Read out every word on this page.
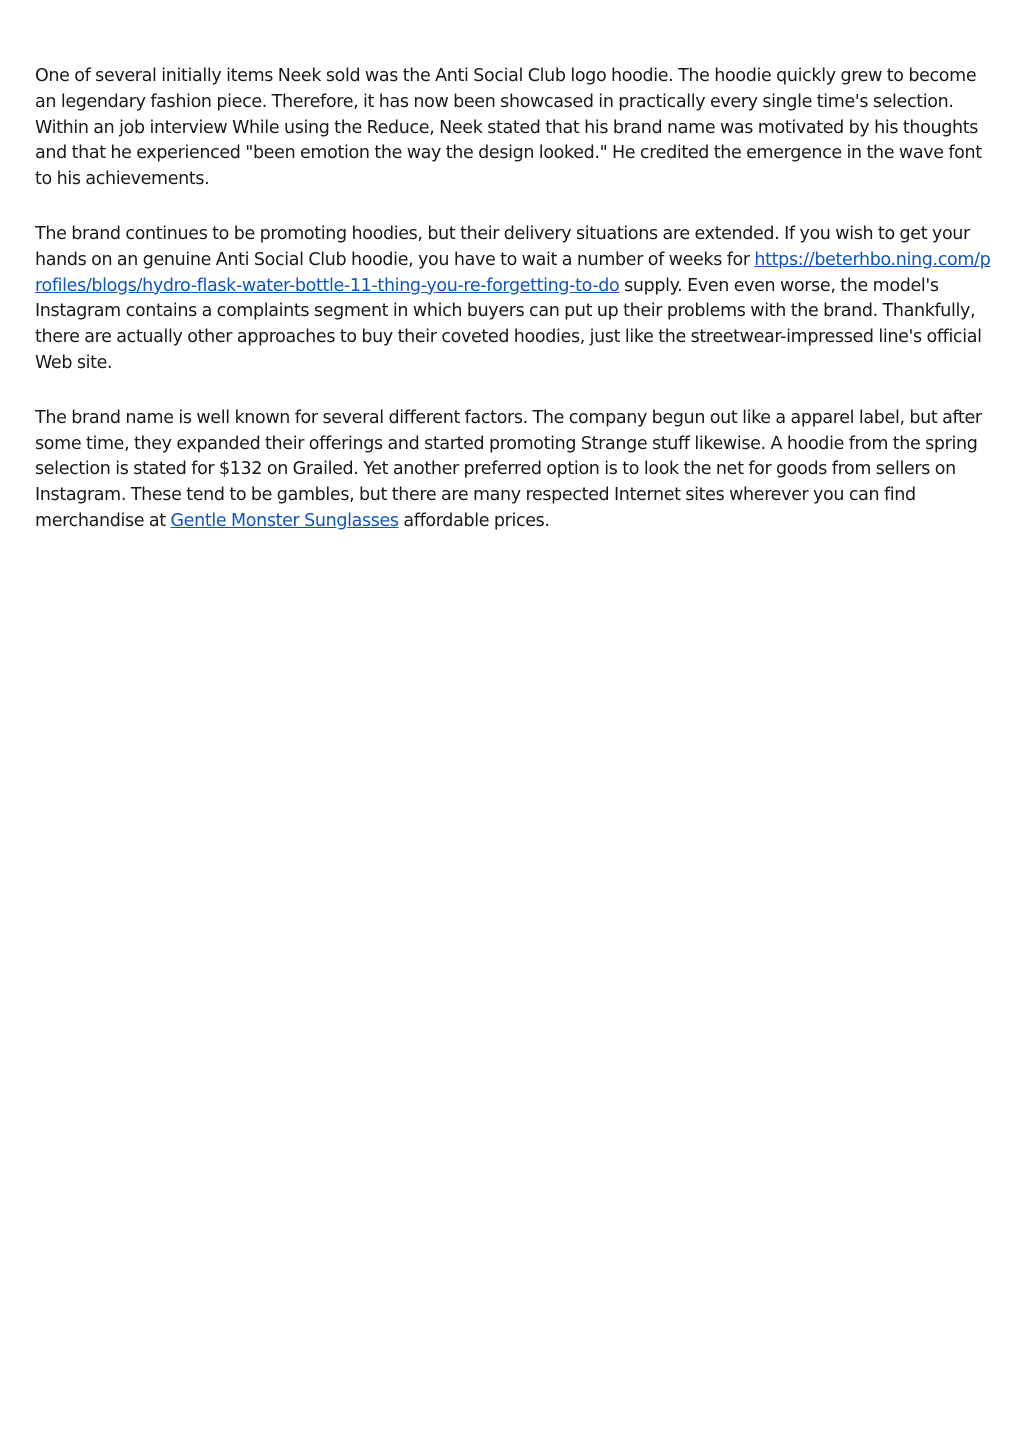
One of several initially items Neek sold was the Anti Social Club logo hoodie. The hoodie quickly grew to become an legendary fashion piece. Therefore, it has now been showcased in practically every single time's selection. Within an job interview While using the Reduce, Neek stated that his brand name was motivated by his thoughts and that he experienced "been emotion the way the design looked." He credited the emergence in the wave font to his achievements.

The brand continues to be promoting hoodies, but their delivery situations are extended. If you wish to get your hands on an genuine Anti Social Club hoodie, you have to wait a number of weeks for https://beterhbo.ning.com/profiles/blogs/hydro-flask-water-bottle-11-thing-you-re-forgetting-to-do supply. Even even worse, the model's Instagram contains a complaints segment in which buyers can put up their problems with the brand. Thankfully, there are actually other approaches to buy their coveted hoodies, just like the streetwear-impressed line's official Web site.

The brand name is well known for several different factors. The company begun out like a apparel label, but after some time, they expanded their offerings and started promoting Strange stuff likewise. A hoodie from the spring selection is stated for $132 on Grailed. Yet another preferred option is to look the net for goods from sellers on Instagram. These tend to be gambles, but there are many respected Internet sites wherever you can find merchandise at Gentle Monster Sunglasses affordable prices.
